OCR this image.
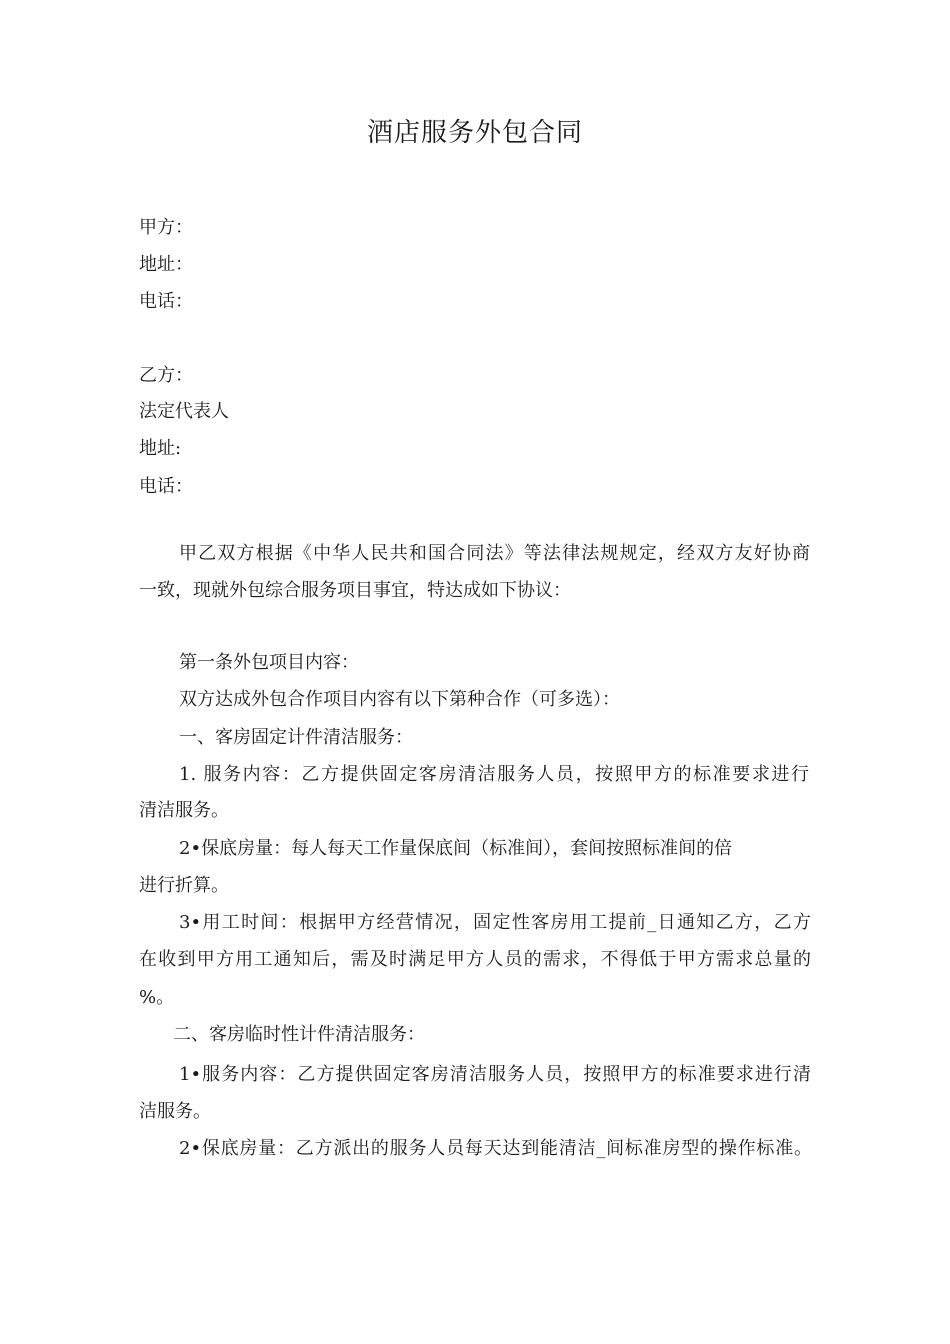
酒店服务外包合同
甲方：
地址：
电话：
乙方：
法定代表人
地址:
电话：
甲乙双方根据《中华人民共和国合同法》等法律法规规定，经双方友好协商
一致，现就外包综合服务项目事宜，特达成如下协议：
第一条外包项目内容：
双方达成外包合作项目内容有以下第种合作（可多选）：
一、客房固定计件清洁服务：
1. 服务内容：乙方提供固定客房清洁服务人员，按照甲方的标准要求进行
清洁服务。
2•保底房量：每人每天工作量保底间（标准间），套间按照标准间的倍
进行折算。
3•用工时间：根据甲方经营情况，固定性客房用工提前_日通知乙方，乙方
在收到甲方用工通知后，需及时满足甲方人员的需求，不得低于甲方需求总量的
%。
二、客房临时性计件清洁服务：
1•服务内容：乙方提供固定客房清洁服务人员，按照甲方的标准要求进行清
洁服务。
2•保底房量：乙方派出的服务人员每天达到能清洁_间标准房型的操作标准。
